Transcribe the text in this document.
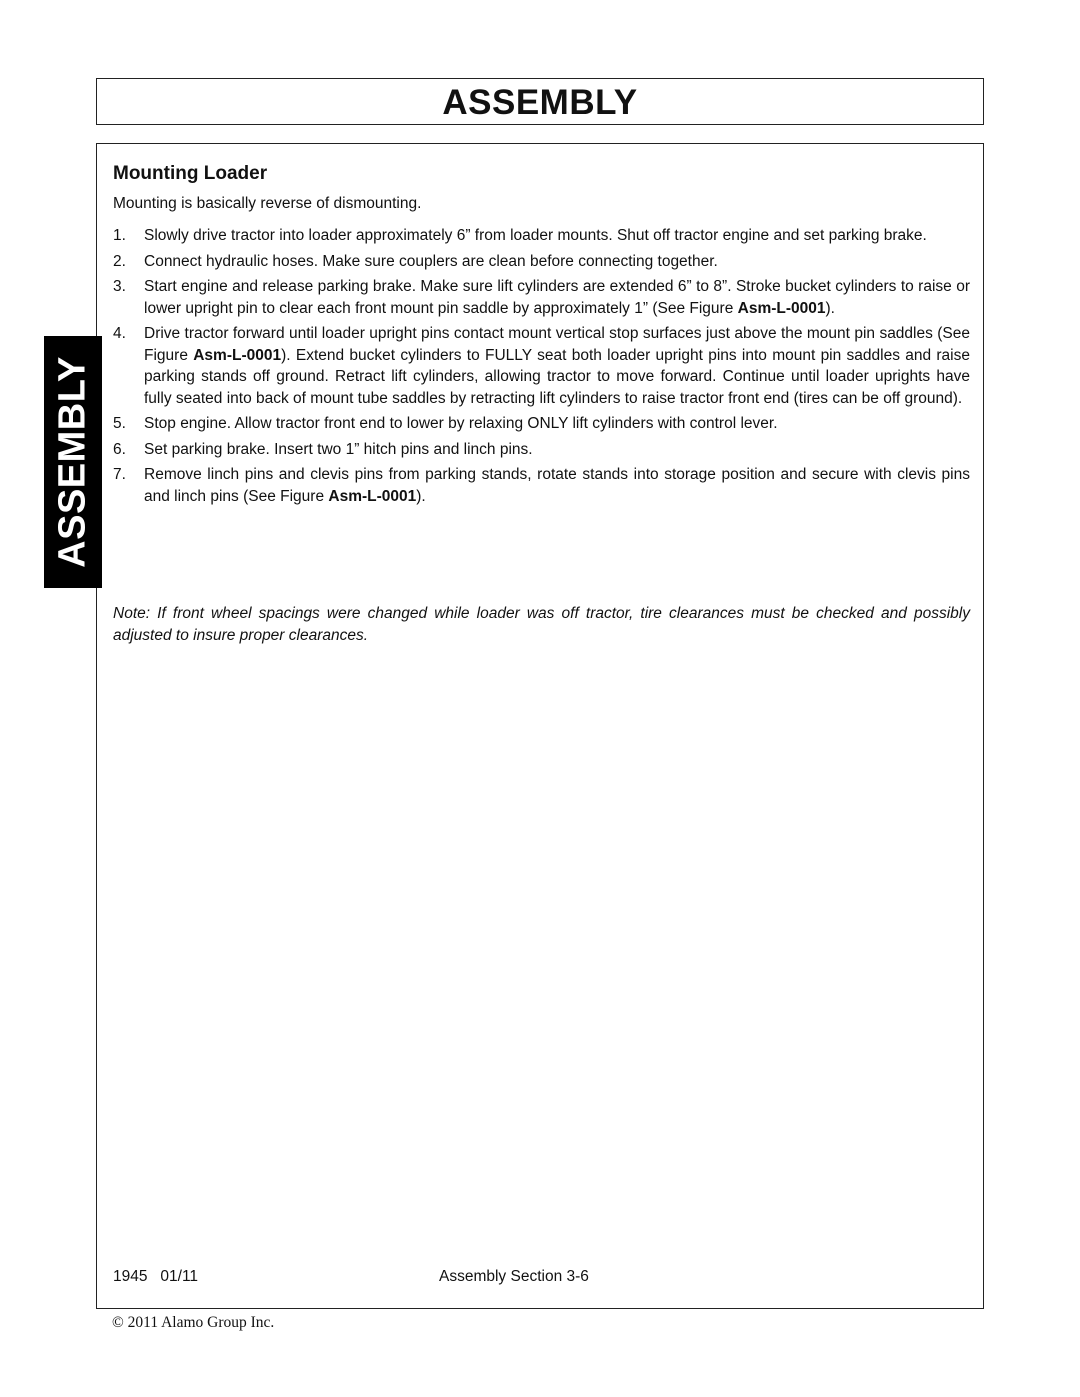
ASSEMBLY
Mounting Loader

Mounting is basically reverse of dismounting.

1. Slowly drive tractor into loader approximately 6” from loader mounts. Shut off tractor engine and set parking brake.
2. Connect hydraulic hoses. Make sure couplers are clean before connecting together.
3. Start engine and release parking brake. Make sure lift cylinders are extended 6” to 8”. Stroke bucket cylinders to raise or lower upright pin to clear each front mount pin saddle by approximately 1” (See Figure Asm-L-0001).
4. Drive tractor forward until loader upright pins contact mount vertical stop surfaces just above the mount pin saddles (See Figure Asm-L-0001). Extend bucket cylinders to FULLY seat both loader upright pins into mount pin saddles and raise parking stands off ground. Retract lift cylinders, allowing tractor to move forward. Continue until loader uprights have fully seated into back of mount tube saddles by retracting lift cylinders to raise tractor front end (tires can be off ground).
5. Stop engine. Allow tractor front end to lower by relaxing ONLY lift cylinders with control lever.
6. Set parking brake. Insert two 1” hitch pins and linch pins.
7. Remove linch pins and clevis pins from parking stands, rotate stands into storage position and secure with clevis pins and linch pins (See Figure Asm-L-0001).

Note: If front wheel spacings were changed while loader was off tractor, tire clearances must be checked and possibly adjusted to insure proper clearances.

1945 01/11	Assembly Section 3-6

ASSEMBLY

© 2011 Alamo Group Inc.
